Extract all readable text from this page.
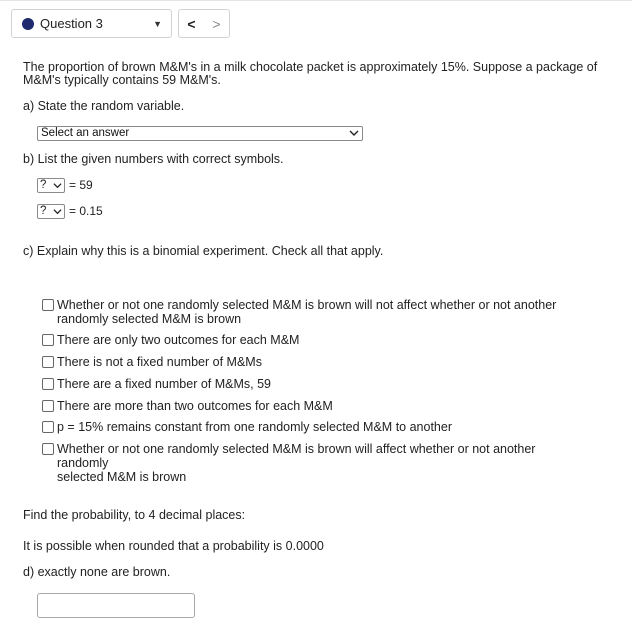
Question 3	▼	<	>
The proportion of brown M&M's in a milk chocolate packet is approximately 15%. Suppose a package of
M&M's typically contains 59 M&M's.
a) State the random variable.
Select an answer
b) List the given numbers with correct symbols.
?	= 59
?	= 0.15
c) Explain why this is a binomial experiment. Check all that apply.
Whether or not one randomly selected M&M is brown will not affect whether or not another
randomly selected M&M is brown
There are only two outcomes for each M&M
There is not a fixed number of M&Ms
There are a fixed number of M&Ms, 59
There are more than two outcomes for each M&M
p = 15% remains constant from one randomly selected M&M to another
Whether or not one randomly selected M&M is brown will affect whether or not another randomly
selected M&M is brown
Find the probability, to 4 decimal places:
It is possible when rounded that a probability is 0.0000
d) exactly none are brown.
